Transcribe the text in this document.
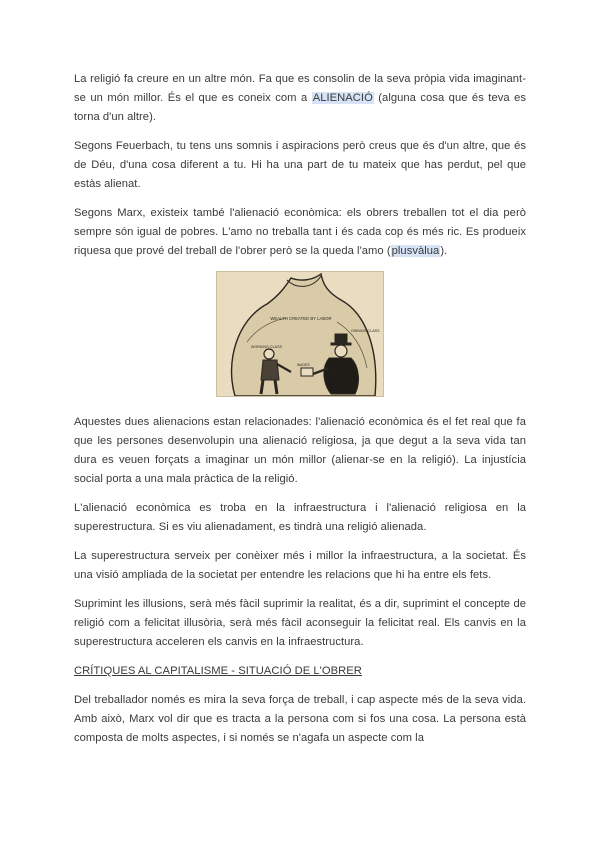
La religió fa creure en un altre món. Fa que es consolin de la seva pròpia vida imaginant-se un món millor. És el que es coneix com a ALIENACIÓ (alguna cosa que és teva es torna d'un altre).

Segons Feuerbach, tu tens uns somnis i aspiracions però creus que és d'un altre, que és de Déu, d'una cosa diferent a tu. Hi ha una part de tu mateix que has perdut, pel que estàs alienat.

Segons Marx, existeix també l'alienació econòmica: els obrers treballen tot el dia però sempre són igual de pobres. L'amo no treballa tant i és cada cop és més ric. Es produeix riquesa que prové del treball de l'obrer però se la queda l'amo (plusvàlua).

WEALTH CREATED BY LABOR
WORKING CLASS
OWNING CLASS
WAGES

Aquestes dues alienacions estan relacionades: l'alienació econòmica és el fet real que fa que les persones desenvolupin una alienació religiosa, ja que degut a la seva vida tan dura es veuen forçats a imaginar un món millor (alienar-se en la religió). La injustícia social porta a una mala pràctica de la religió.

L'alienació econòmica es troba en la infraestructura i l'alienació religiosa en la superestructura. Si es viu alienadament, es tindrà una religió alienada.

La superestructura serveix per conèixer més i millor la infraestructura, a la societat. És una visió ampliada de la societat per entendre les relacions que hi ha entre els fets.

Suprimint les illusions, serà més fàcil suprimir la realitat, és a dir, suprimint el concepte de religió com a felicitat illusòria, serà més fàcil aconseguir la felicitat real. Els canvis en la superestructura acceleren els canvis en la infraestructura.

CRÍTIQUES AL CAPITALISME - SITUACIÓ DE L'OBRER

Del treballador només es mira la seva força de treball, i cap aspecte més de la seva vida. Amb això, Marx vol dir que es tracta a la persona com si fos una cosa. La persona està composta de molts aspectes, i si només se n'agafa un aspecte com la
